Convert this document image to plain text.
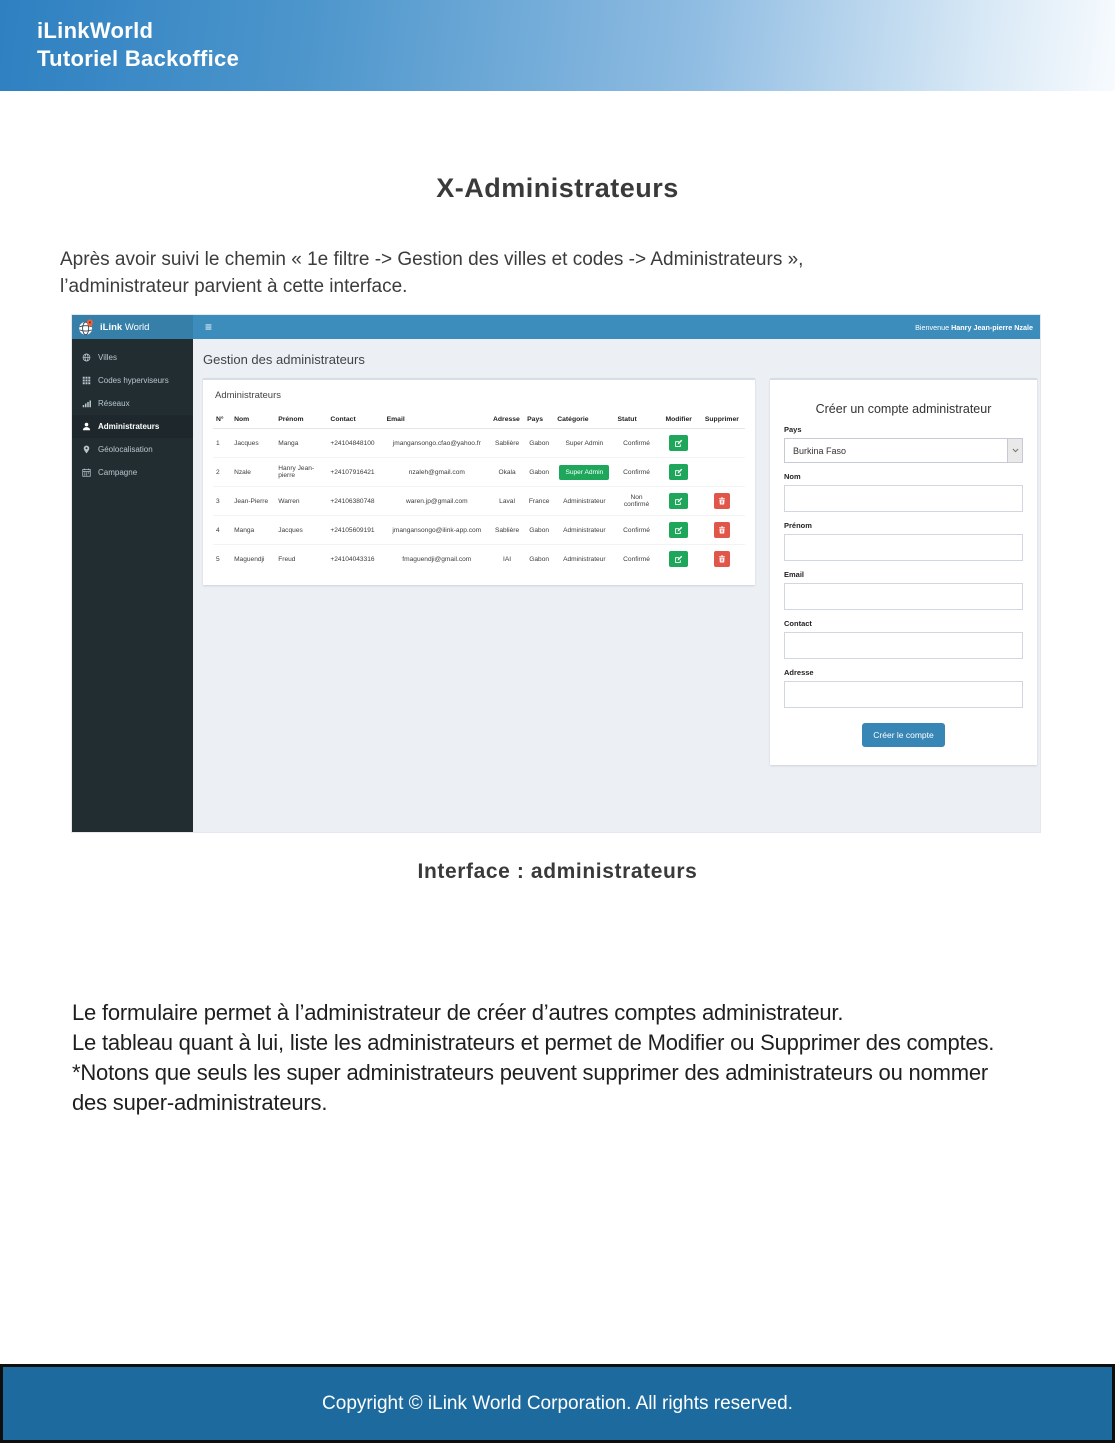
iLinkWorld
Tutoriel Backoffice
X-Administrateurs
Après avoir suivi le chemin « 1e filtre -> Gestion des villes et codes -> Administrateurs »,
l’administrateur parvient à cette interface.
iLink World	≡	Bienvenue Hanry Jean-pierre Nzale
Villes
Codes hyperviseurs
Réseaux
Administrateurs
Géolocalisation
Campagne
Gestion des administrateurs
Administrateurs
N°	Nom	Prénom	Contact	Email	Adresse	Pays	Catégorie	Statut	Modifier	Supprimer
1	Jacques	Manga	+24104848100	jmangansongo.cfao@yahoo.fr	Sablière	Gabon	Super Admin	Confirmé	

2	Nzale	Hanry Jean-pierre	+24107916421	nzaleh@gmail.com	Okala	Gabon	Super Admin	Confirmé	

3	Jean-Pierre	Warren	+24106380748	waren.jp@gmail.com	Laval	France	Administrateur	Non confirmé	

4	Manga	Jacques	+24105609191	jmangansongo@ilink-app.com	Sablière	Gabon	Administrateur	Confirmé	

5	Maguendji	Freud	+24104043316	fmaguendji@gmail.com	IAI	Gabon	Administrateur	Confirmé	

Créer un compte administrateur
Pays
Burkina Faso
Nom
Prénom
Email
Contact
Adresse
Créer le compte
Interface : administrateurs
Le formulaire permet à l’administrateur de créer d’autres comptes administrateur.
Le tableau quant à lui, liste les administrateurs et permet de Modifier ou Supprimer des comptes.
*Notons que seuls les super administrateurs peuvent supprimer des administrateurs ou nommer
des super-administrateurs.
Copyright © iLink World Corporation. All rights reserved.
